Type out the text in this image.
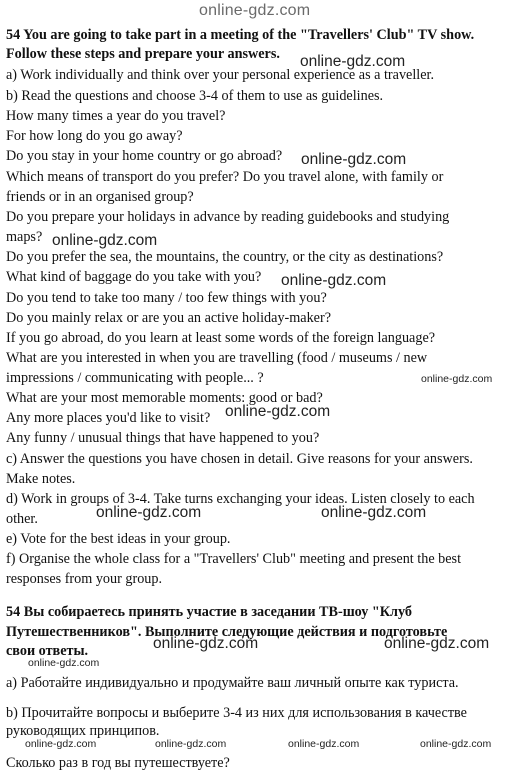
online-gdz.com
54 You are going to take part in a meeting of the "Travellers' Club" TV show.
Follow these steps and prepare your answers.
a) Work individually and think over your personal experience as a traveller.
b) Read the questions and choose 3-4 of them to use as guidelines.
How many times a year do you travel?
For how long do you go away?
Do you stay in your home country or go abroad?
Which means of transport do you prefer? Do you travel alone, with family or
friends or in an organised group?
Do you prepare your holidays in advance by reading guidebooks and studying
maps?
Do you prefer the sea, the mountains, the country, or the city as destinations?
What kind of baggage do you take with you?
Do you tend to take too many / too few things with you?
Do you mainly relax or are you an active holiday-maker?
If you go abroad, do you learn at least some words of the foreign language?
What are you interested in when you are travelling (food / museums / new
impressions / communicating with people... ?
What are your most memorable moments: good or bad?
Any more places you'd like to visit?
Any funny / unusual things that have happened to you?
c) Answer the questions you have chosen in detail. Give reasons for your answers.
Make notes.
d) Work in groups of 3-4. Take turns exchanging your ideas. Listen closely to each
other.
e) Vote for the best ideas in your group.
f) Organise the whole class for a "Travellers' Club" meeting and present the best
responses from your group.
54 Вы собираетесь принять участие в заседании ТВ-шоу "Клуб
Путешественников". Выполните следующие действия и подготовьте
свои ответы.
а) Работайте индивидуально и продумайте ваш личный опыте как туриста.
b) Прочитайте вопросы и выберите 3-4 из них для использования в качестве
руководящих принципов.
Сколько раз в год вы путешествуете?
online-gdz.com
online-gdz.com
online-gdz.com
online-gdz.com
online-gdz.com
online-gdz.com
online-gdz.com	online-gdz.com
online-gdz.com	online-gdz.com
online-gdz.com
online-gdz.com	online-gdz.com	online-gdz.com	online-gdz.com
